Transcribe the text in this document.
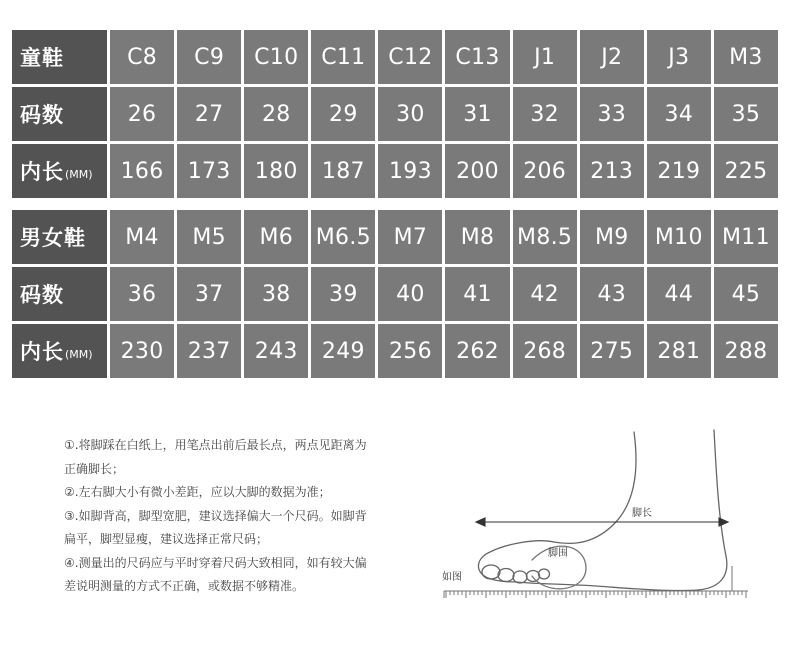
童鞋	C8	C9	C10	C11	C12	C13	J1	J2	J3	M3
码数	26	27	28	29	30	31	32	33	34	35
内长 (MM)	166	173	180	187	193	200	206	213	219	225
男女鞋	M4	M5	M6	M6.5	M7	M8	M8.5	M9	M10 M11
码数	36	37	38	39	40	41	42	43	44	45
内长 (MM)	230	237	243	249	256	262	268	275	281	288

①.将脚踩在白纸上，用笔点出前后最长点，两点见距离为

正确脚长；

②.左右脚大小有微小差距，应以大脚的数据为准；

③.如脚背高，脚型宽肥，建议选择偏大一个尺码。如脚背

扁平，脚型显瘦，建议选择正常尺码；

④.测量出的尺码应与平时穿着尺码大致相同，如有较大偏

差说明测量的方式不正确，或数据不够精准。

脚长
脚围
如图
